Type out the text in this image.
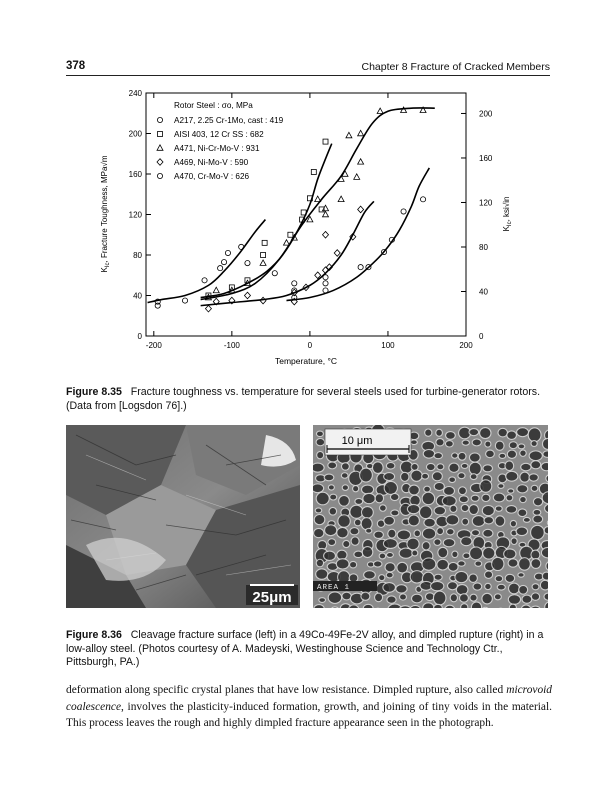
378	Chapter 8 Fracture of Cracked Members
-200	-100	0	100	200
0
40
80
120
160
200
240
0
40
80
120
160
200
$K_{Ic}$, Fracture Toughness, MPa√m	$K_{Ic}$, ksi√in
Temperature, °C
Rotor Steel : σo, MPa
A217, 2.25 Cr-1Mo, cast : 419
AISI 403, 12 Cr SS : 682
A471, Ni-Cr-Mo-V : 931
A469, Ni-Mo-V : 590
A470, Cr-Mo-V : 626
Figure 8.35 Fracture toughness vs. temperature for several steels used for turbine-generator rotors. (Data from [Logsdon 76].)
25μm
10 μm
AREA 1
Figure 8.36 Cleavage fracture surface (left) in a 49Co-49Fe-2V alloy, and dimpled rupture (right) in a low-alloy steel. (Photos courtesy of A. Madeyski, Westinghouse Science and Technology Ctr., Pittsburgh, PA.)
deformation along specific crystal planes that have low resistance. Dimpled rupture, also called microvoid coalescence, involves the plasticity-induced formation, growth, and joining of tiny voids in the material. This process leaves the rough and highly dimpled fracture appearance seen in the photograph.
